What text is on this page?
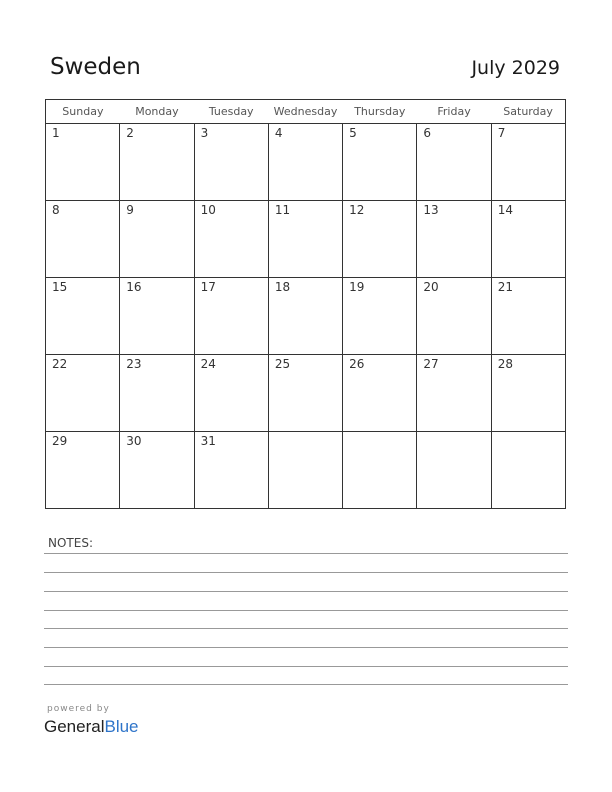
Sweden	July 2029
Sunday	Monday	Tuesday	Wednesday	Thursday	Friday	Saturday

1	2	3	4	5	6	7

8	9	10	11	12	13	14

15	16	17	18	19	20	21

22	23	24	25	26	27	28

29	30	31				

NOTES:
powered by
GeneralBlue
